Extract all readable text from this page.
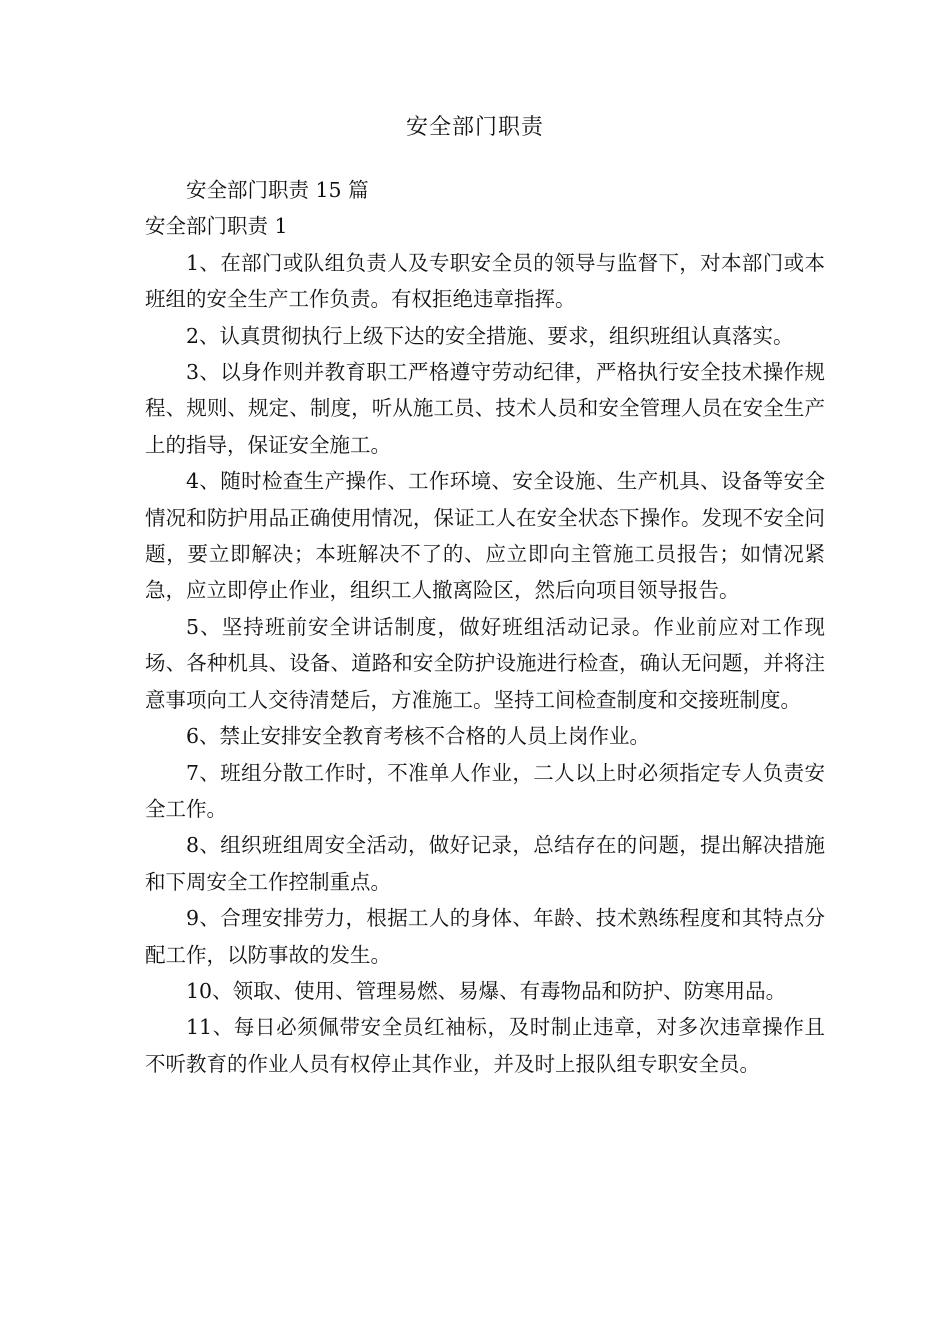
安全部门职责

安全部门职责 15 篇

安全部门职责 1

1、在部门或队组负责人及专职安全员的领导与监督下，对本部门或本班组的安全生产工作负责。有权拒绝违章指挥。

2、认真贯彻执行上级下达的安全措施、要求，组织班组认真落实。

3、以身作则并教育职工严格遵守劳动纪律，严格执行安全技术操作规程、规则、规定、制度，听从施工员、技术人员和安全管理人员在安全生产上的指导，保证安全施工。

4、随时检查生产操作、工作环境、安全设施、生产机具、设备等安全情况和防护用品正确使用情况，保证工人在安全状态下操作。发现不安全问题，要立即解决；本班解决不了的、应立即向主管施工员报告；如情况紧急，应立即停止作业，组织工人撤离险区，然后向项目领导报告。

5、坚持班前安全讲话制度，做好班组活动记录。作业前应对工作现场、各种机具、设备、道路和安全防护设施进行检查，确认无问题，并将注意事项向工人交待清楚后，方准施工。坚持工间检查制度和交接班制度。

6、禁止安排安全教育考核不合格的人员上岗作业。

7、班组分散工作时，不准单人作业，二人以上时必须指定专人负责安全工作。

8、组织班组周安全活动，做好记录，总结存在的问题，提出解决措施和下周安全工作控制重点。

9、合理安排劳力，根据工人的身体、年龄、技术熟练程度和其特点分配工作，以防事故的发生。

10、领取、使用、管理易燃、易爆、有毒物品和防护、防寒用品。

11、每日必须佩带安全员红袖标，及时制止违章，对多次违章操作且不听教育的作业人员有权停止其作业，并及时上报队组专职安全员。
